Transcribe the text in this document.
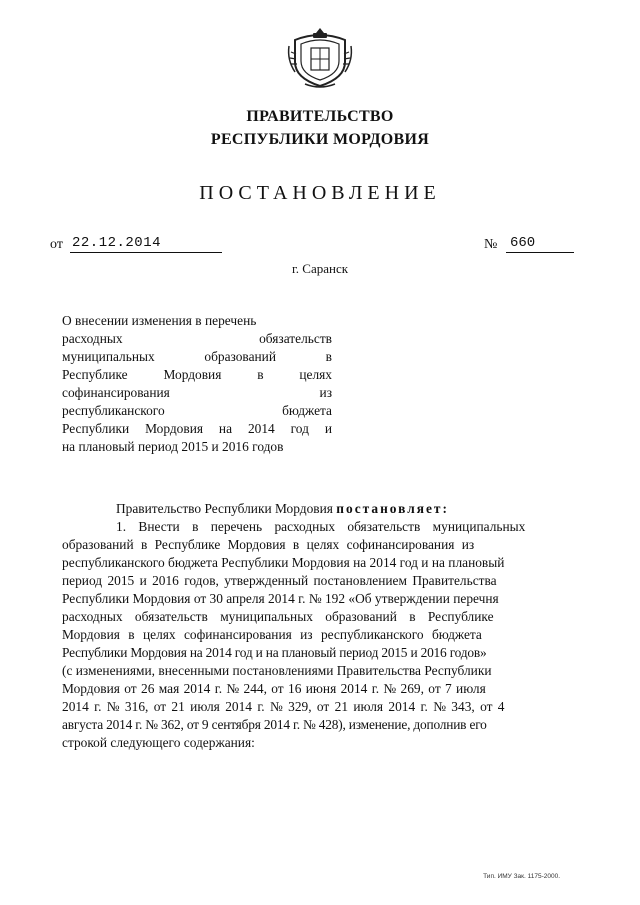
ПРАВИТЕЛЬСТВО
РЕСПУБЛИКИ МОРДОВИЯ
ПОСТАНОВЛЕНИЕ
от 22.12.2014	№ 660
г. Саранск
О внесении изменения в перечень
расходных обязательств
муниципальных образований в
Республике Мордовия в целях
софинансирования из
республиканского бюджета
Республики Мордовия на 2014 год и
на плановый период 2015 и 2016 годов
Правительство Республики Мордовия постановляет:
1. Внести в перечень расходных обязательств муниципальных
образований в Республике Мордовия в целях софинансирования из
республиканского бюджета Республики Мордовия на 2014 год и на плановый
период 2015 и 2016 годов, утвержденный постановлением Правительства
Республики Мордовия от 30 апреля 2014 г. № 192 «Об утверждении перечня
расходных обязательств муниципальных образований в Республике
Мордовия в целях софинансирования из республиканского бюджета
Республики Мордовия на 2014 год и на плановый период 2015 и 2016 годов»
(с изменениями, внесенными постановлениями Правительства Республики
Мордовия от 26 мая 2014 г. № 244, от 16 июня 2014 г. № 269, от 7 июля
2014 г. № 316, от 21 июля 2014 г. № 329, от 21 июля 2014 г. № 343, от 4
августа 2014 г. № 362, от 9 сентября 2014 г. № 428), изменение, дополнив его
строкой следующего содержания:
Тип. ИМУ Зак. 1175-2000.
